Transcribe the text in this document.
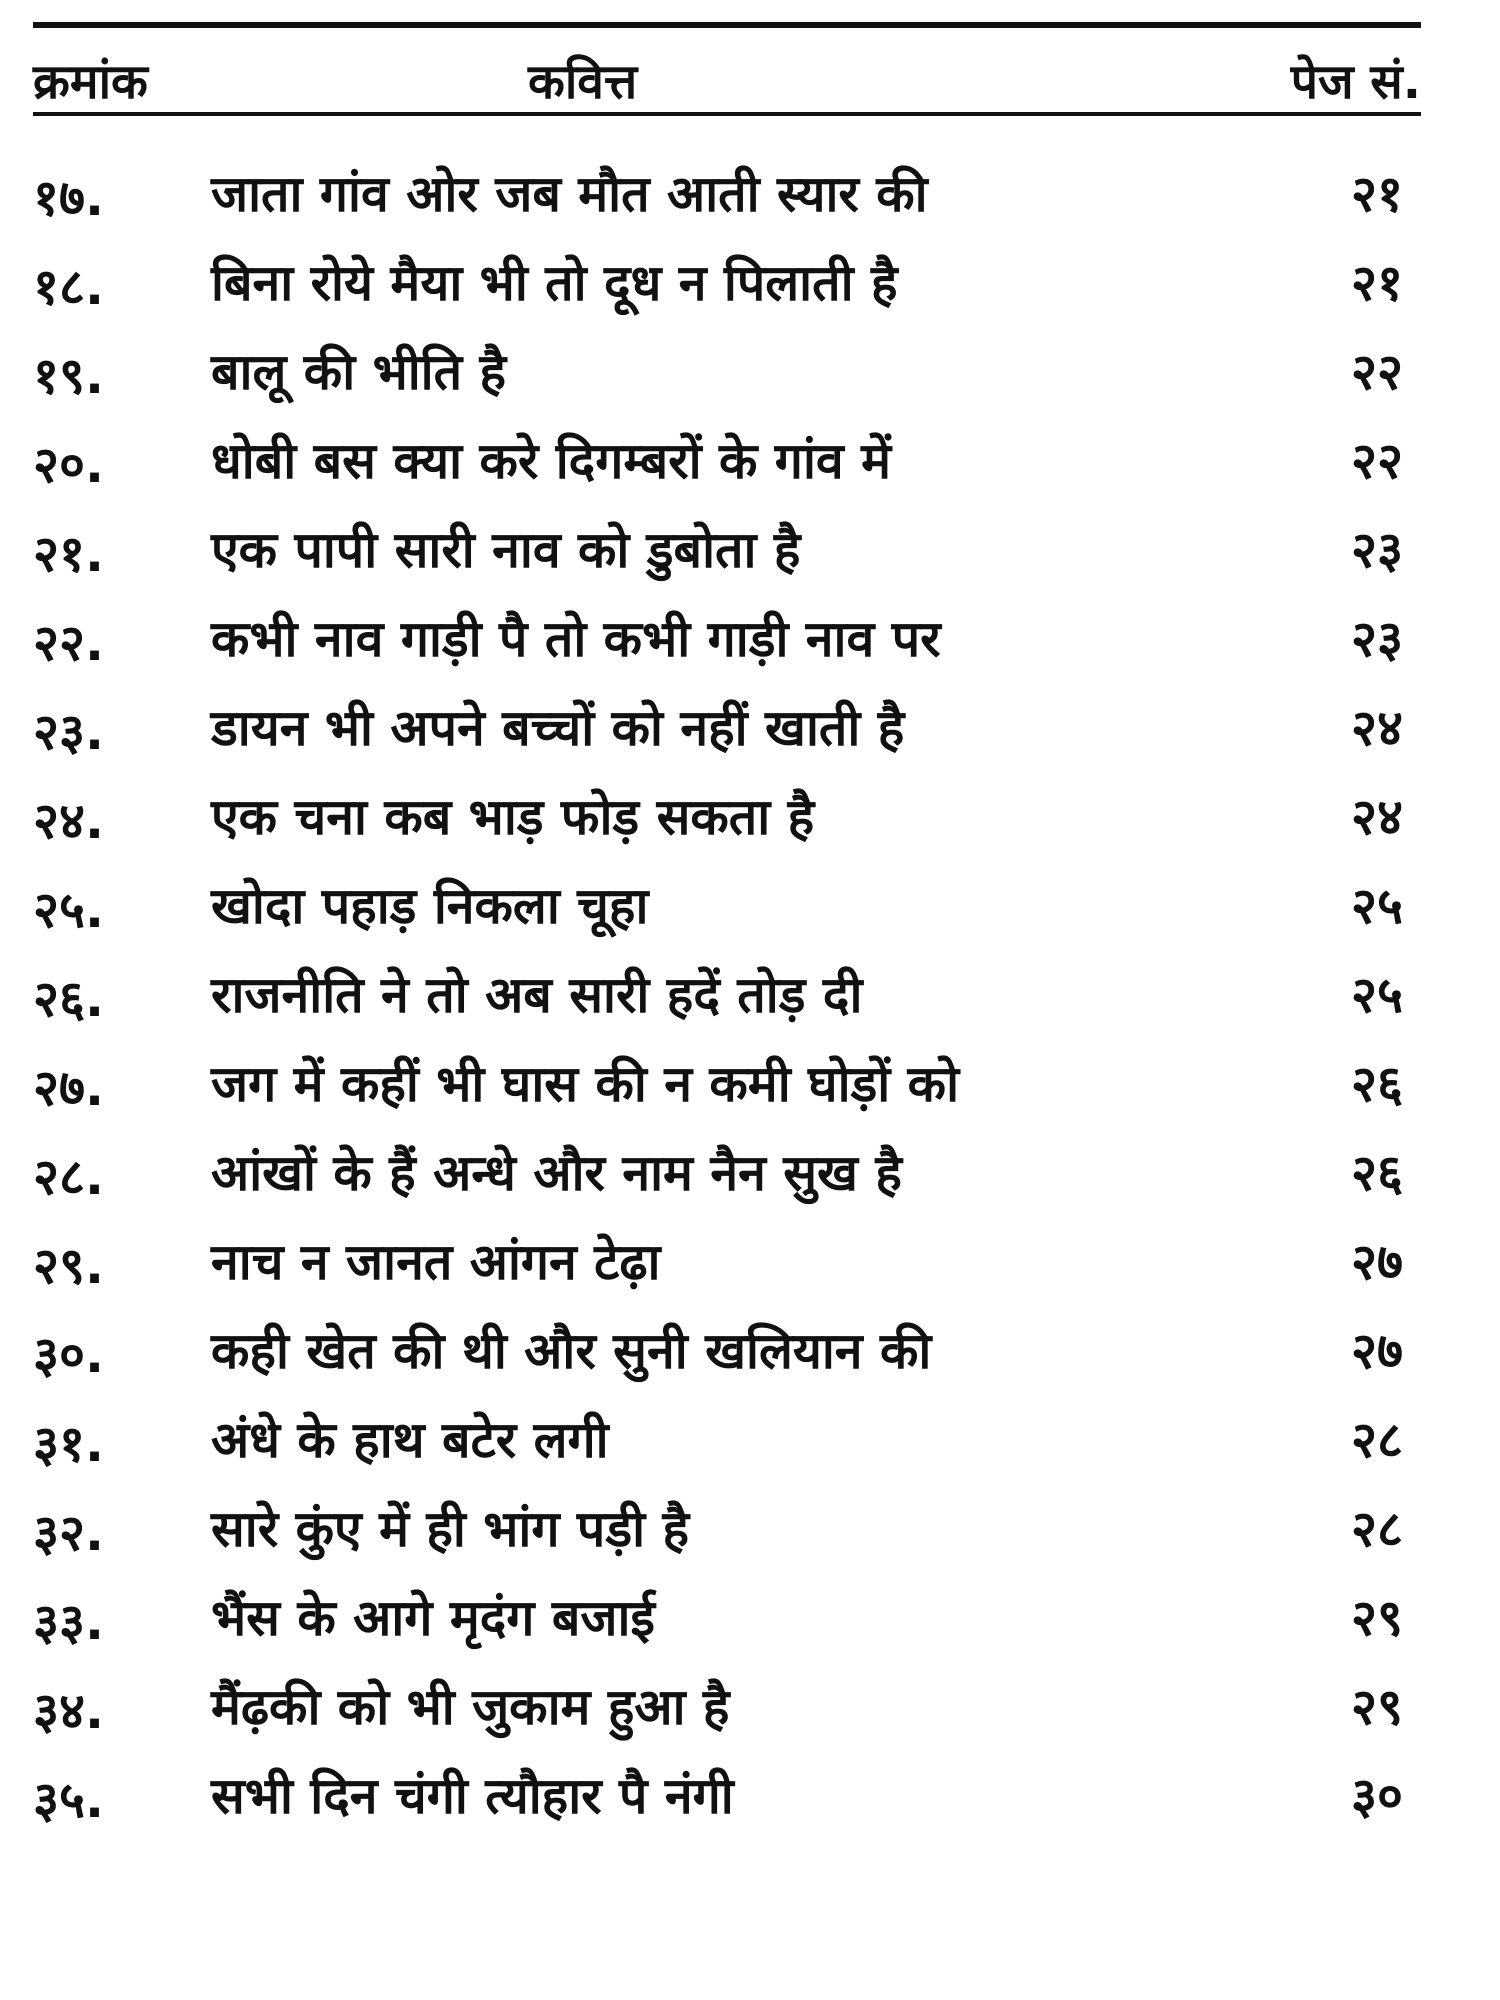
क्रमांक	कवित्त	पेज सं.
१७.	जाता गांव ओर जब मौत आती स्यार की	२१
१८.	बिना रोये मैया भी तो दूध न पिलाती है	२१
१९.	बालू की भीति है	२२
२०.	धोबी बस क्या करे दिगम्बरों के गांव में	२२
२१.	एक पापी सारी नाव को डुबोता है	२३
२२.	कभी नाव गाड़ी पै तो कभी गाड़ी नाव पर	२३
२३.	डायन भी अपने बच्चों को नहीं खाती है	२४
२४.	एक चना कब भाड़ फोड़ सकता है	२४
२५.	खोदा पहाड़ निकला चूहा	२५
२६.	राजनीति ने तो अब सारी हदें तोड़ दी	२५
२७.	जग में कहीं भी घास की न कमी घोड़ों को	२६
२८.	आंखों के हैं अन्धे और नाम नैन सुख है	२६
२९.	नाच न जानत आंगन टेढ़ा	२७
३०.	कही खेत की थी और सुनी खलियान की	२७
३१.	अंधे के हाथ बटेर लगी	२८
३२.	सारे कुंए में ही भांग पड़ी है	२८
३३.	भैंस के आगे मृदंग बजाई	२९
३४.	मैंढ़की को भी जुकाम हुआ है	२९
३५.	सभी दिन चंगी त्यौहार पै नंगी	३०
